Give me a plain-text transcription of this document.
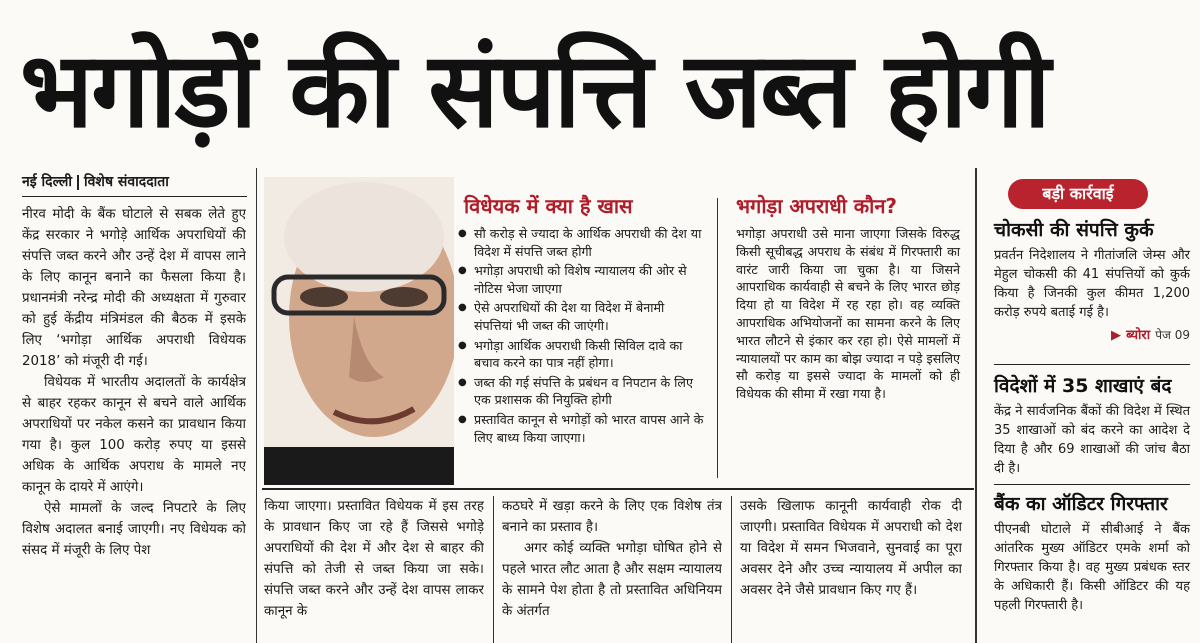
भगोड़ों की संपत्ति जब्त होगी
नई दिल्ली विशेष संवाददाता

नीरव मोदी के बैंक घोटाले से सबक लेते हुए केंद्र सरकार ने भगोड़े आर्थिक अपराधियों की संपत्ति जब्त करने और उन्हें देश में वापस लाने के लिए कानून बनाने का फैसला किया है। प्रधानमंत्री नरेन्द्र मोदी की अध्यक्षता में गुरुवार को हुई केंद्रीय मंत्रिमंडल की बैठक में इसके लिए ‘भगोड़ा आर्थिक अपराधी विधेयक 2018’ को मंजूरी दी गई।

विधेयक में भारतीय अदालतों के कार्यक्षेत्र से बाहर रहकर कानून से बचने वाले आर्थिक अपराधियों पर नकेल कसने का प्रावधान किया गया है। कुल 100 करोड़ रुपए या इससे अधिक के आर्थिक अपराध के मामले नए कानून के दायरे में आएंगे।

ऐसे मामलों के जल्द निपटारे के लिए विशेष अदालत बनाई जाएगी। नए विधेयक को संसद में मंजूरी के लिए पेश

विधेयक में क्या है खास
● सौ करोड़ से ज्यादा के आर्थिक अपराधी की देश या विदेश में संपत्ति जब्त होगी
● भगोड़ा अपराधी को विशेष न्यायालय की ओर से नोटिस भेजा जाएगा
● ऐसे अपराधियों की देश या विदेश में बेनामी संपत्तियां भी जब्त की जाएंगी।
● भगोड़ा आर्थिक अपराधी किसी सिविल दावे का बचाव करने का पात्र नहीं होगा।
● जब्त की गई संपत्ति के प्रबंधन व निपटान के लिए एक प्रशासक की नियुक्ति होगी
● प्रस्तावित कानून से भगोड़ों को भारत वापस आने के लिए बाध्य किया जाएगा।
भगोड़ा अपराधी कौन?
भगोड़ा अपराधी उसे माना जाएगा जिसके विरुद्ध किसी सूचीबद्ध अपराध के संबंध में गिरफ्तारी का वारंट जारी किया जा चुका है। या जिसने आपराधिक कार्यवाही से बचने के लिए भारत छोड़ दिया हो या विदेश में रह रहा हो। वह व्यक्ति आपराधिक अभियोजनों का सामना करने के लिए भारत लौटने से इंकार कर रहा हो। ऐसे मामलों में न्यायालयों पर काम का बोझ ज्यादा न पड़े इसलिए सौ करोड़ या इससे ज्यादा के मामलों को ही विधेयक की सीमा में रखा गया है।

किया जाएगा। प्रस्तावित विधेयक में इस तरह के प्रावधान किए जा रहे हैं जिससे भगोड़े अपराधियों की देश में और देश से बाहर की संपत्ति को तेजी से जब्त किया जा सके। संपत्ति जब्त करने और उन्हें देश वापस लाकर कानून के

कठघरे में खड़ा करने के लिए एक विशेष तंत्र बनाने का प्रस्ताव है।

अगर कोई व्यक्ति भगोड़ा घोषित होने से पहले भारत लौट आता है और सक्षम न्यायालय के सामने पेश होता है तो प्रस्तावित अधिनियम के अंतर्गत

उसके खिलाफ कानूनी कार्यवाही रोक दी जाएगी। प्रस्तावित विधेयक में अपराधी को देश या विदेश में समन भिजवाने, सुनवाई का पूरा अवसर देने और उच्च न्यायालय में अपील का अवसर देने जैसे प्रावधान किए गए हैं।

बड़ी कार्रवाई
चोकसी की संपत्ति कुर्क
प्रवर्तन निदेशालय ने गीतांजलि जेम्स और मेहुल चोकसी की 41 संपत्तियों को कुर्क किया है जिनकी कुल कीमत 1,200 करोड़ रुपये बताई गई है।
▶ ब्योरा पेज 09
विदेशों में 35 शाखाएं बंद
केंद्र ने सार्वजनिक बैंकों की विदेश में स्थित 35 शाखाओं को बंद करने का आदेश दे दिया है और 69 शाखाओं की जांच बैठा दी है।
बैंक का ऑडिटर गिरफ्तार
पीएनबी घोटाले में सीबीआई ने बैंक आंतरिक मुख्य ऑडिटर एमके शर्मा को गिरफ्तार किया है। वह मुख्य प्रबंधक स्तर के अधिकारी हैं। किसी ऑडिटर की यह पहली गिरफ्तारी है।
